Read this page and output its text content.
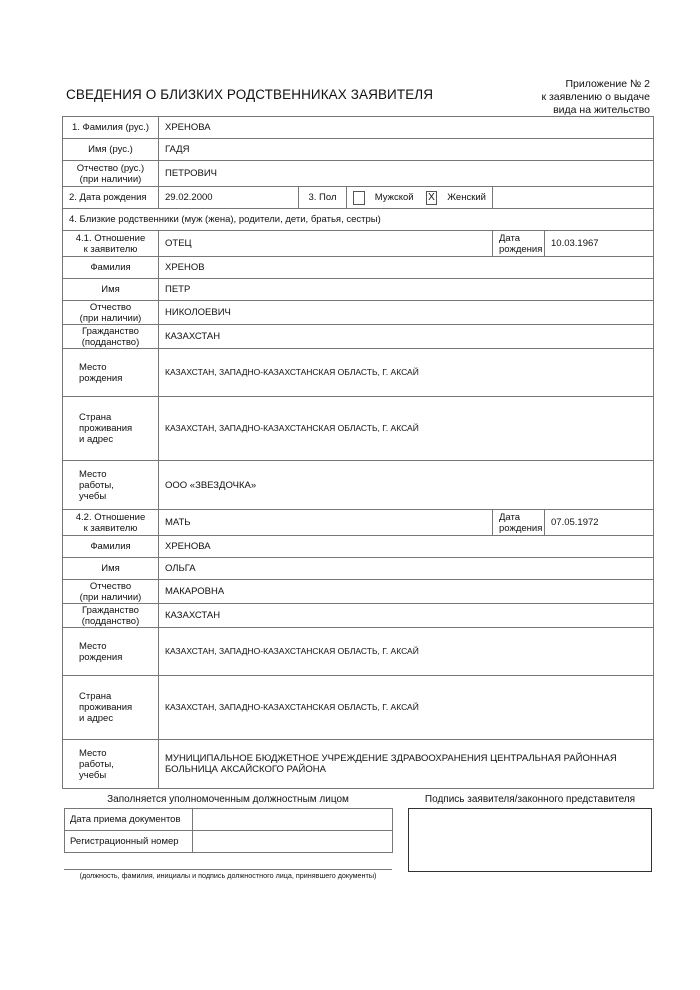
Приложение № 2
к заявлению о выдаче
вида на жительство
СВЕДЕНИЯ О БЛИЗКИХ РОДСТВЕННИКАХ ЗАЯВИТЕЛЯ
1. Фамилия (рус.)	ХРЕНОВА				
Имя (рус.)	ГАДЯ				

Отчество (рус.)
(при наличии)	ПЕТРОВИЧ				
2. Дата рождения	29.02.2000	3. Пол	Мужской X Женский		

4. Близкие родственники (муж (жена), родители, дети, братья, сестры)					

4.1. Отношение
к заявителю	ОТЕЦ	Дата
рождения	10.03.1967
Фамилия	ХРЕНОВ				
Имя	ПЕТР				

Отчество
(при наличии)	НИКОЛОЕВИЧ				

Гражданство
(подданство)	КАЗАХСТАН				

Место
рождения	КАЗАХСТАН, ЗАПАДНО-КАЗАХСТАНСКАЯ ОБЛАСТЬ, Г. АКСАЙ				

Страна
проживания
и адрес	КАЗАХСТАН, ЗАПАДНО-КАЗАХСТАНСКАЯ ОБЛАСТЬ, Г. АКСАЙ				

Место
работы,
учебы	ООО «ЗВЕЗДОЧКА»				

4.2. Отношение
к заявителю	МАТЬ	Дата
рождения	07.05.1972
Фамилия	ХРЕНОВА				
Имя	ОЛЬГА				

Отчество
(при наличии)	МАКАРОВНА				

Гражданство
(подданство)	КАЗАХСТАН				

Место
рождения	КАЗАХСТАН, ЗАПАДНО-КАЗАХСТАНСКАЯ ОБЛАСТЬ, Г. АКСАЙ				

Страна
проживания
и адрес	КАЗАХСТАН, ЗАПАДНО-КАЗАХСТАНСКАЯ ОБЛАСТЬ, Г. АКСАЙ				

Место
работы,
учебы	МУНИЦИПАЛЬНОЕ БЮДЖЕТНОЕ УЧРЕЖДЕНИЕ ЗДРАВООХРАНЕНИЯ ЦЕНТРАЛЬНАЯ РАЙОННАЯ БОЛЬНИЦА АКСАЙСКОГО РАЙОНА				
Заполняется уполномоченным должностным лицом
Дата приема документов	
Регистрационный номер	
(должность, фамилия, инициалы и подпись должностного лица, принявшего документы)
Подпись заявителя/законного представителя
